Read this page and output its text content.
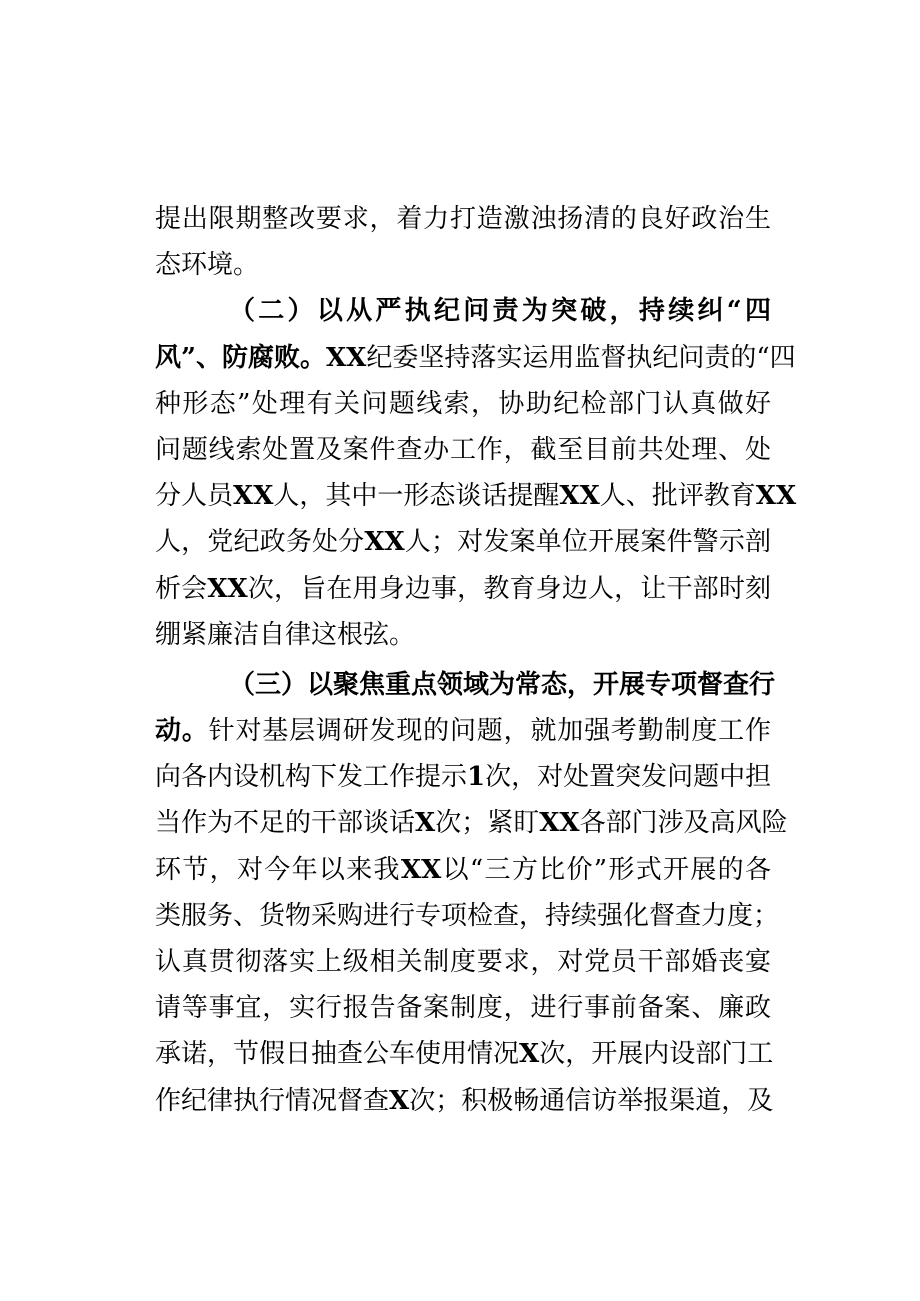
提出限期整改要求，着力打造激浊扬清的良好政治生
态环境。
（二）以从严执纪问责为突破，持续纠“四
风”、防腐败。XX纪委坚持落实运用监督执纪问责的“四
种形态”处理有关问题线索，协助纪检部门认真做好
问题线索处置及案件查办工作，截至目前共处理、处
分人员XX人，其中一形态谈话提醒XX人、批评教育XX
人，党纪政务处分XX人；对发案单位开展案件警示剖
析会XX次，旨在用身边事，教育身边人，让干部时刻
绷紧廉洁自律这根弦。
（三）以聚焦重点领域为常态，开展专项督查行
动。针对基层调研发现的问题，就加强考勤制度工作
向各内设机构下发工作提示1次，对处置突发问题中担
当作为不足的干部谈话X次；紧盯XX各部门涉及高风险
环节，对今年以来我XX以“三方比价”形式开展的各
类服务、货物采购进行专项检查，持续强化督查力度；
认真贯彻落实上级相关制度要求，对党员干部婚丧宴
请等事宜，实行报告备案制度，进行事前备案、廉政
承诺，节假日抽查公车使用情况X次，开展内设部门工
作纪律执行情况督查X次；积极畅通信访举报渠道，及
